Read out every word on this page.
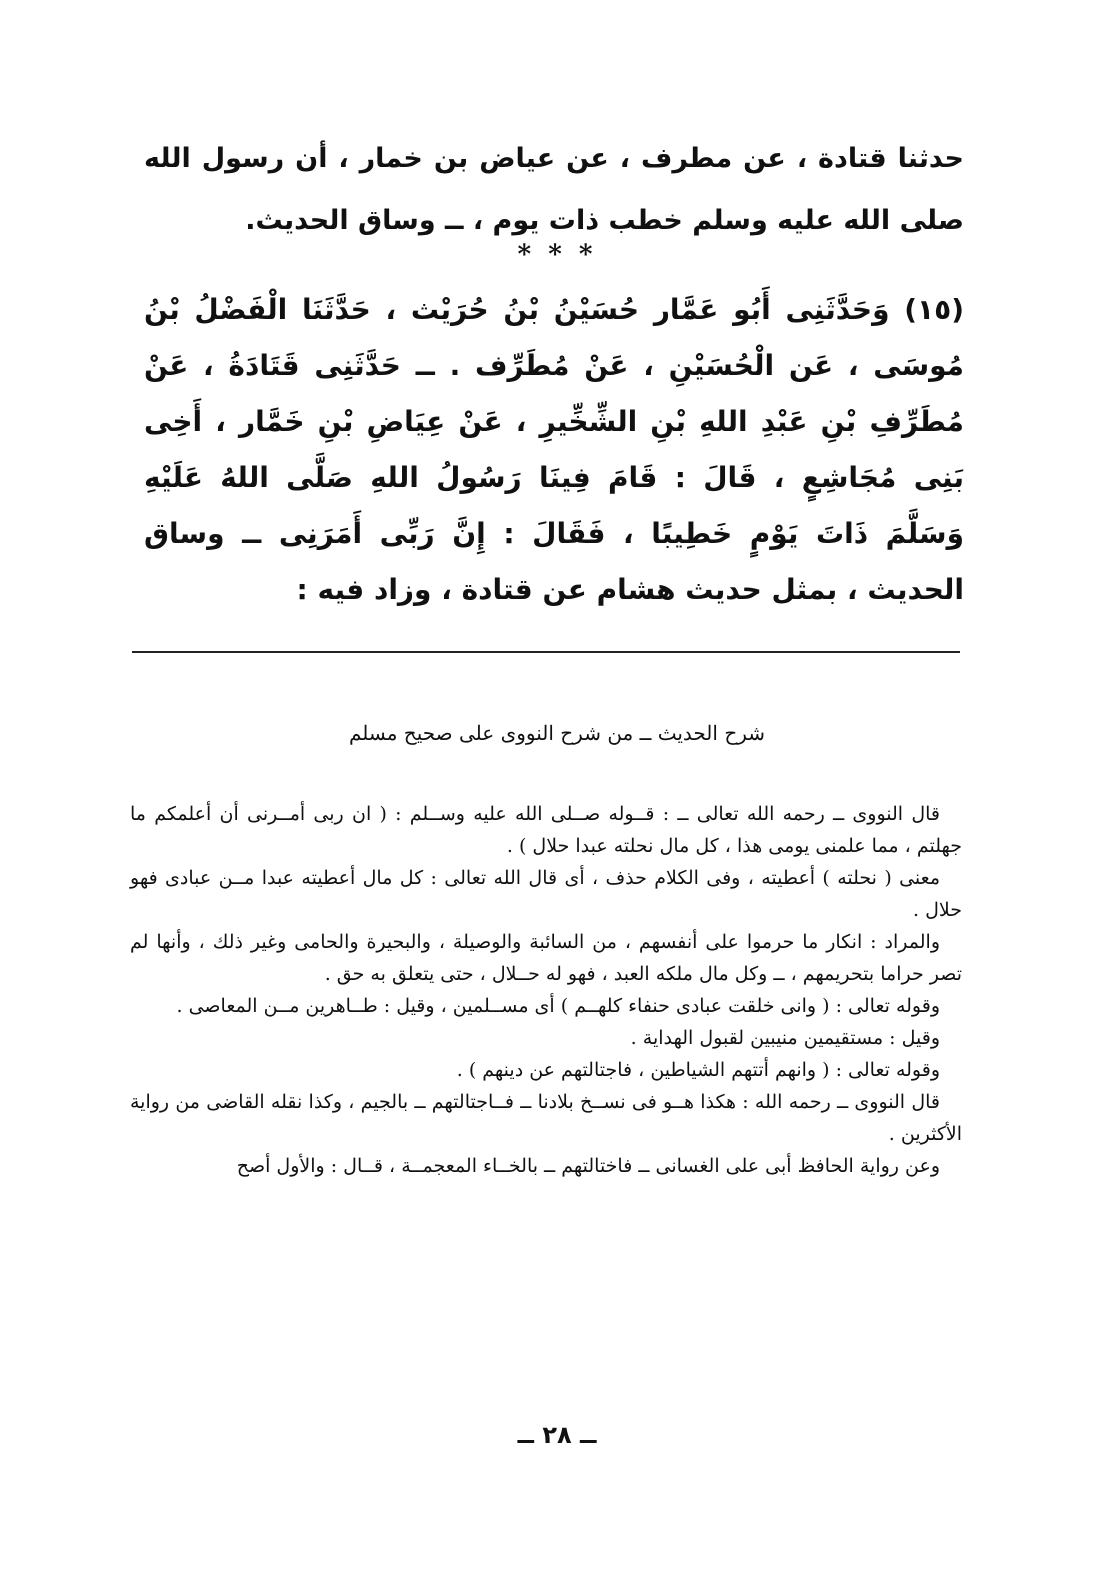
حدثنا قتادة ، عن مطرف ، عن عياض بن خمار ، أن رسول الله صلى الله عليه وسلم خطب ذات يوم ، ــ وساق الحديث.
* * *
(١٥) وَحَدَّثَنِى أَبُو عَمَّار حُسَيْنُ بْنُ حُرَيْث ، حَدَّثَنَا الْفَضْلُ بْنُ مُوسَى ، عَن الْحُسَيْنِ ، عَنْ مُطَرِّف . ــ حَدَّثَنِى قَتَادَةُ ، عَنْ مُطَرِّفِ بْنِ عَبْدِ اللهِ بْنِ الشِّخِّيرِ ، عَنْ عِيَاضِ بْنِ خَمَّار ، أَخِى بَنِى مُجَاشِعٍ ، قَالَ : قَامَ فِينَا رَسُولُ اللهِ صَلَّى اللهُ عَلَيْهِ وَسَلَّمَ ذَاتَ يَوْمٍ خَطِيبًا ، فَقَالَ : إِنَّ رَبِّى أَمَرَنِى ــ وساق الحديث ، بمثل حديث هشام عن قتادة ، وزاد فيه :
شرح الحديث ــ من شرح النووى على صحيح مسلم

قال النووى ــ رحمه الله تعالى ــ : قــوله صــلى الله عليه وســلم : ( ان ربى أمــرنى أن أعلمكم ما جهلتم ، مما علمنى يومى هذا ، كل مال نحلته عبدا حلال ) .

معنى ( نحلته ) أعطيته ، وفى الكلام حذف ، أى قال الله تعالى : كل مال أعطيته عبدا مــن عبادى فهو حلال .

والمراد : انكار ما حرموا على أنفسهم ، من السائبة والوصيلة ، والبحيرة والحامى وغير ذلك ، وأنها لم تصر حراما بتحريمهم ، ــ وكل مال ملكه العبد ، فهو له حــلال ، حتى يتعلق به حق .

وقوله تعالى : ( وانى خلقت عبادى حنفاء كلهــم ) أى مســلمين ، وقيل : طــاهرين مــن المعاصى .

وقيل : مستقيمين منيبين لقبول الهداية .

وقوله تعالى : ( وانهم أتتهم الشياطين ، فاجتالتهم عن دينهم ) .

قال النووى ــ رحمه الله : هكذا هــو فى نســخ بلادنا ــ فــاجتالتهم ــ بالجيم ، وكذا نقله القاضى من رواية الأكثرين .

وعن رواية الحافظ أبى على الغسانى ــ فاختالتهم ــ بالخــاء المعجمــة ، قــال : والأول أصح

ــ ٢٨ ــ
